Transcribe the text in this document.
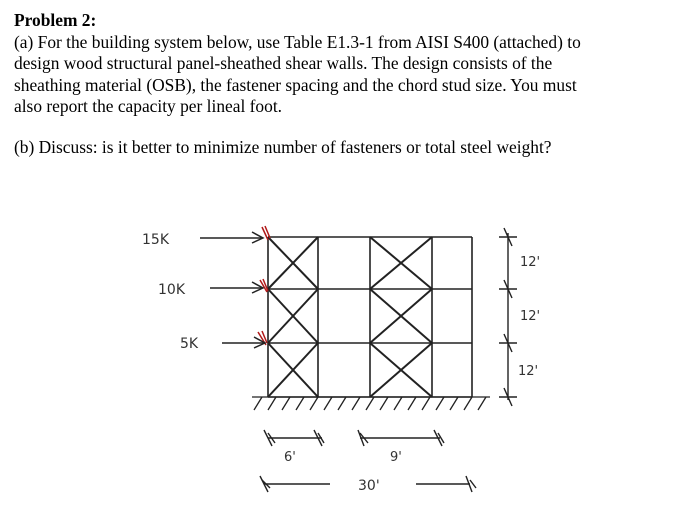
Problem 2:

(a) For the building system below, use Table E1.3-1 from AISI S400 (attached) to

design wood structural panel-sheathed shear walls. The design consists of the

sheathing material (OSB), the fastener spacing and the chord stud size. You must

also report the capacity per lineal foot.

(b) Discuss: is it better to minimize number of fasteners or total steel weight?

15K
10K
5K
12'
12'
12'
6'	9'
30'
